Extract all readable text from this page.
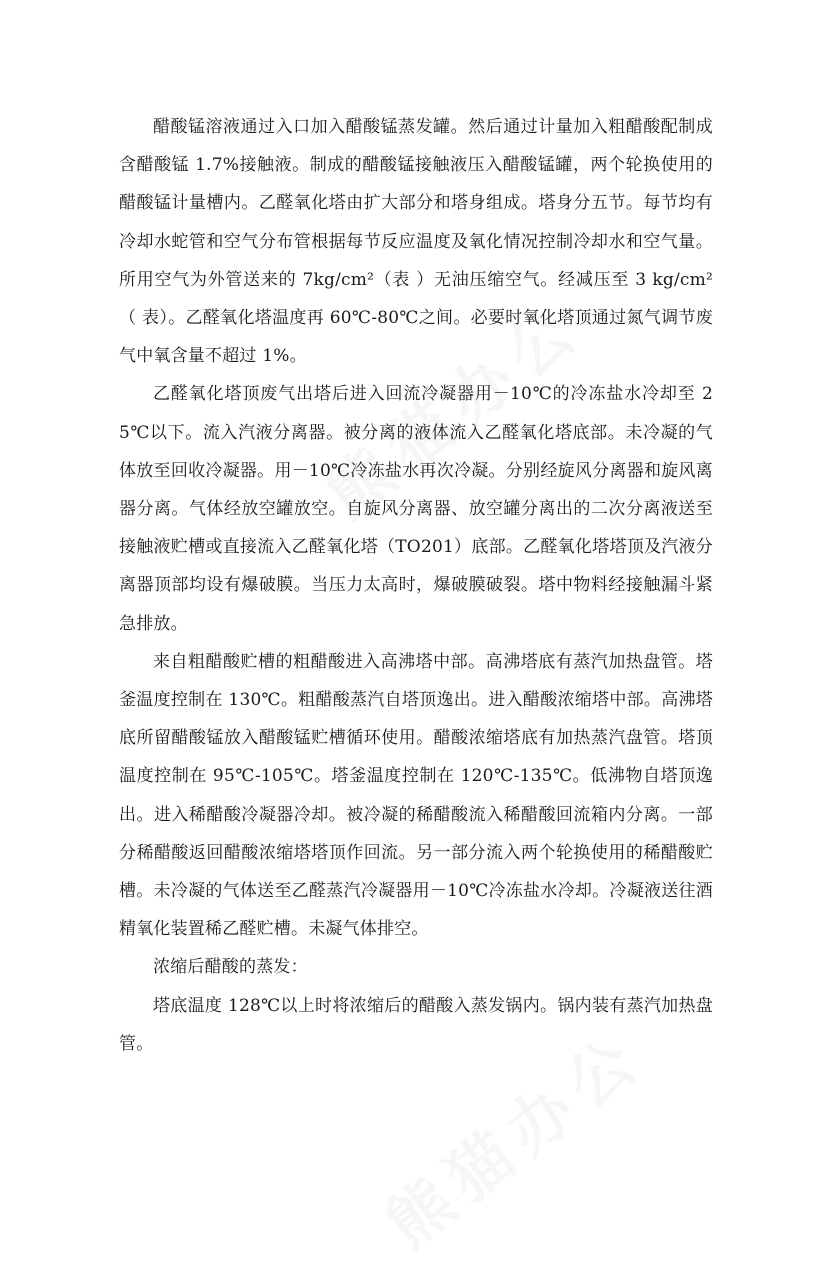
醋酸锰溶液通过入口加入醋酸锰蒸发罐。然后通过计量加入粗醋酸配制成含醋酸锰 1.7%接触液。制成的醋酸锰接触液压入醋酸锰罐，两个轮换使用的醋酸锰计量槽内。乙醛氧化塔由扩大部分和塔身组成。塔身分五节。每节均有冷却水蛇管和空气分布管根据每节反应温度及氧化情况控制冷却水和空气量。所用空气为外管送来的 7kg/cm²（表 ）无油压缩空气。经减压至 3 kg/cm²（ 表）。乙醛氧化塔温度再 60℃-80℃之间。必要时氧化塔顶通过氮气调节废气中氧含量不超过 1%。

乙醛氧化塔顶废气出塔后进入回流冷凝器用－10℃的冷冻盐水冷却至 25℃以下。流入汽液分离器。被分离的液体流入乙醛氧化塔底部。未冷凝的气体放至回收冷凝器。用－10℃冷冻盐水再次冷凝。分别经旋风分离器和旋风离器分离。气体经放空罐放空。自旋风分离器、放空罐分离出的二次分离液送至接触液贮槽或直接流入乙醛氧化塔（TO201）底部。乙醛氧化塔塔顶及汽液分离器顶部均设有爆破膜。当压力太高时，爆破膜破裂。塔中物料经接触漏斗紧急排放。

来自粗醋酸贮槽的粗醋酸进入高沸塔中部。高沸塔底有蒸汽加热盘管。塔釜温度控制在 130℃。粗醋酸蒸汽自塔顶逸出。进入醋酸浓缩塔中部。高沸塔底所留醋酸锰放入醋酸锰贮槽循环使用。醋酸浓缩塔底有加热蒸汽盘管。塔顶温度控制在 95℃-105℃。塔釜温度控制在 120℃-135℃。低沸物自塔顶逸出。进入稀醋酸冷凝器冷却。被冷凝的稀醋酸流入稀醋酸回流箱内分离。一部分稀醋酸返回醋酸浓缩塔塔顶作回流。另一部分流入两个轮换使用的稀醋酸贮槽。未冷凝的气体送至乙醛蒸汽冷凝器用－10℃冷冻盐水冷却。冷凝液送往酒精氧化装置稀乙醛贮槽。未凝气体排空。

浓缩后醋酸的蒸发：

塔底温度 128℃以上时将浓缩后的醋酸入蒸发锅内。锅内装有蒸汽加热盘管。
